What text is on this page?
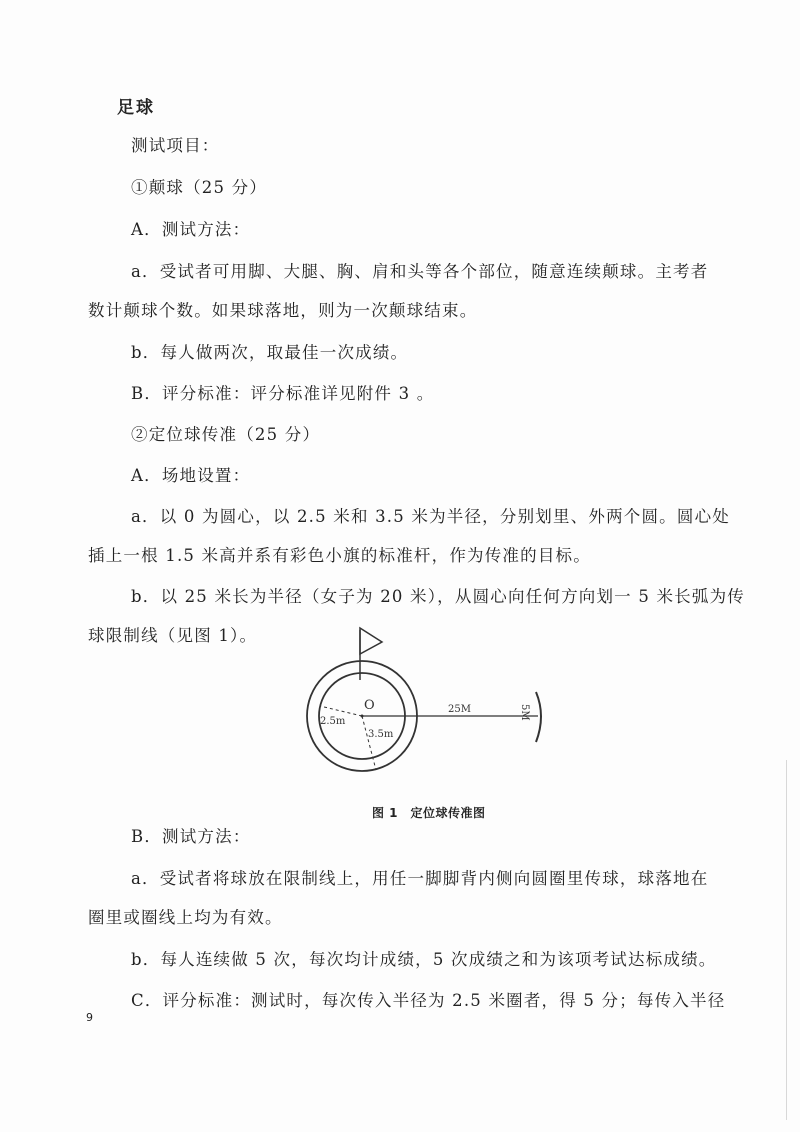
足球
测试项目：
①颠球（25 分）
A．测试方法：
a．受试者可用脚、大腿、胸、肩和头等各个部位，随意连续颠球。主考者
数计颠球个数。如果球落地，则为一次颠球结束。
b．每人做两次，取最佳一次成绩。
B．评分标准：评分标准详见附件 3 。
②定位球传准（25 分）
A．场地设置：
a．以 0 为圆心，以 2.5 米和 3.5 米为半径，分别划里、外两个圆。圆心处
插上一根 1.5 米高并系有彩色小旗的标准杆，作为传准的目标。
b．以 25 米长为半径（女子为 20 米），从圆心向任何方向划一 5 米长弧为传
球限制线（见图 1）。
O
2.5m
3.5m
25M	5M
图 1　定位球传准图
B．测试方法：
a．受试者将球放在限制线上，用任一脚脚背内侧向圆圈里传球，球落地在
圈里或圈线上均为有效。
b．每人连续做 5 次，每次均计成绩，5 次成绩之和为该项考试达标成绩。
C．评分标准：测试时，每次传入半径为 2.5 米圈者，得 5 分；每传入半径
9
